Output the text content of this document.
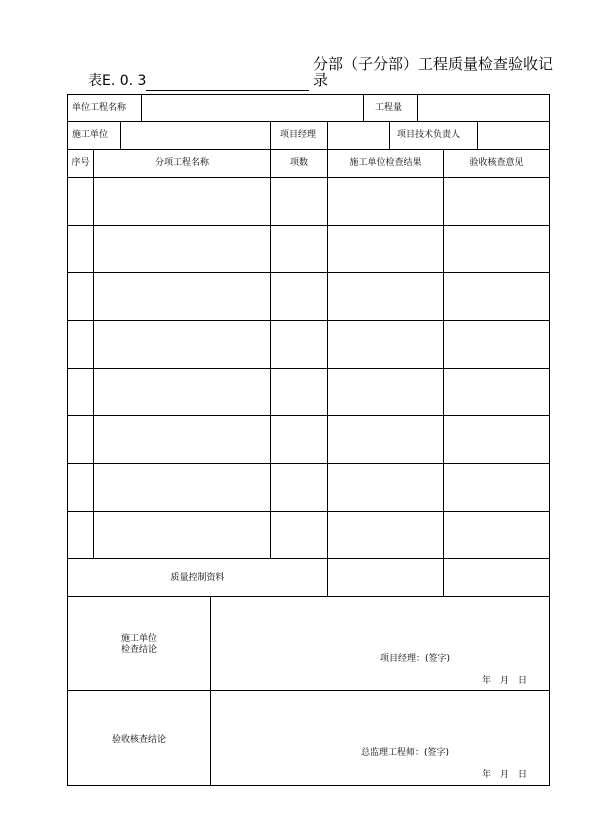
表E. 0. 3
分部（子分部）工程质量检查验收记录
单位工程名称	工程量
施工单位	项目经理	项目技术负责人
序号	分项工程名称	项数	施工单位检查结果	验收核查意见
质量控制资料
施工单位
检查结论
项目经理：(签字)
年　月　日
验收核查结论
总监理工程师：(签字)
年　月　日
